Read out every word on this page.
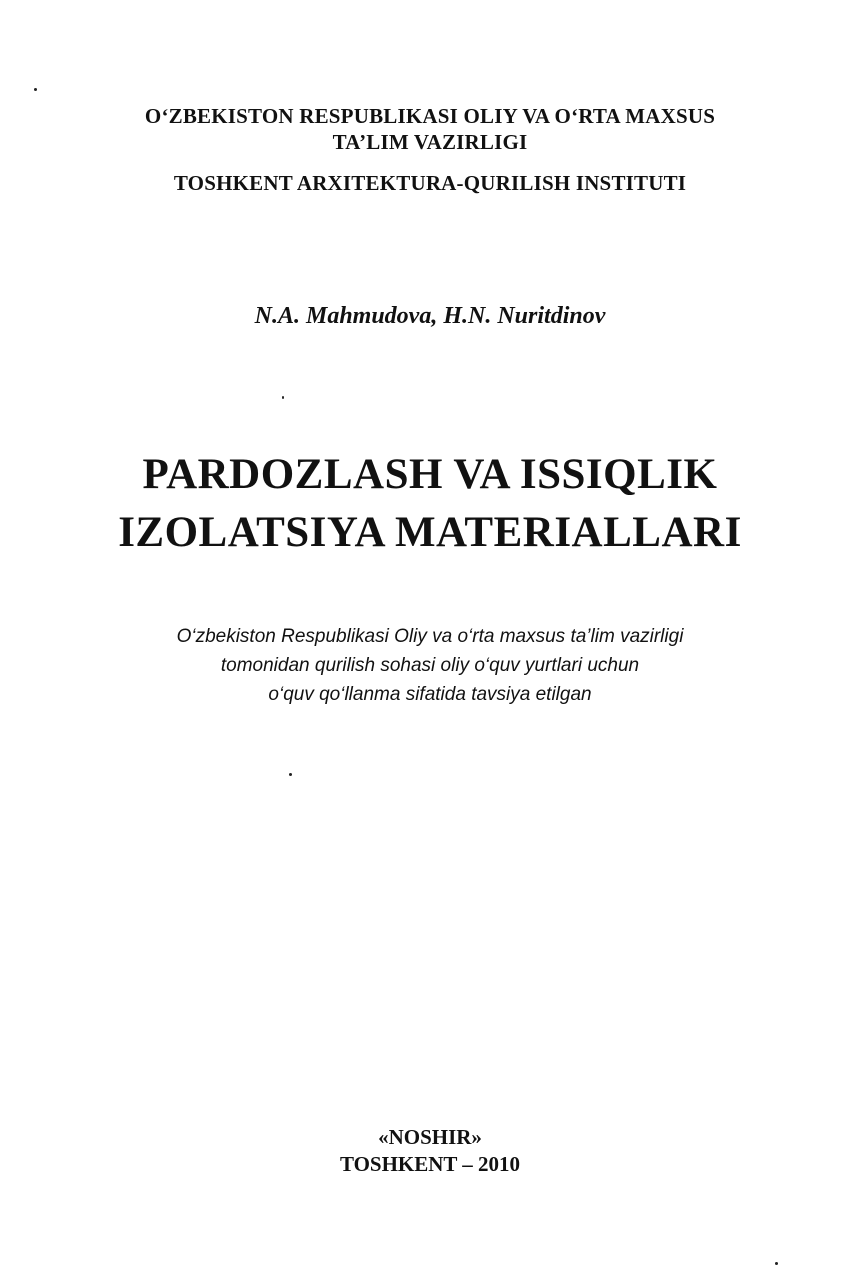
O‘ZBEKISTON RESPUBLIKASI OLIY VA O‘RTA MAXSUS
TA’LIM VAZIRLIGI
TOSHKENT ARXITEKTURA-QURILISH INSTITUTI
N.A. Mahmudova, H.N. Nuritdinov
PARDOZLASH VA ISSIQLIK
IZOLATSIYA MATERIALLARI
O‘zbekiston Respublikasi Oliy va o‘rta maxsus ta’lim vazirligi
tomonidan qurilish sohasi oliy o‘quv yurtlari uchun
o‘quv qo‘llanma sifatida tavsiya etilgan
«NOSHIR»
TOSHKENT – 2010
